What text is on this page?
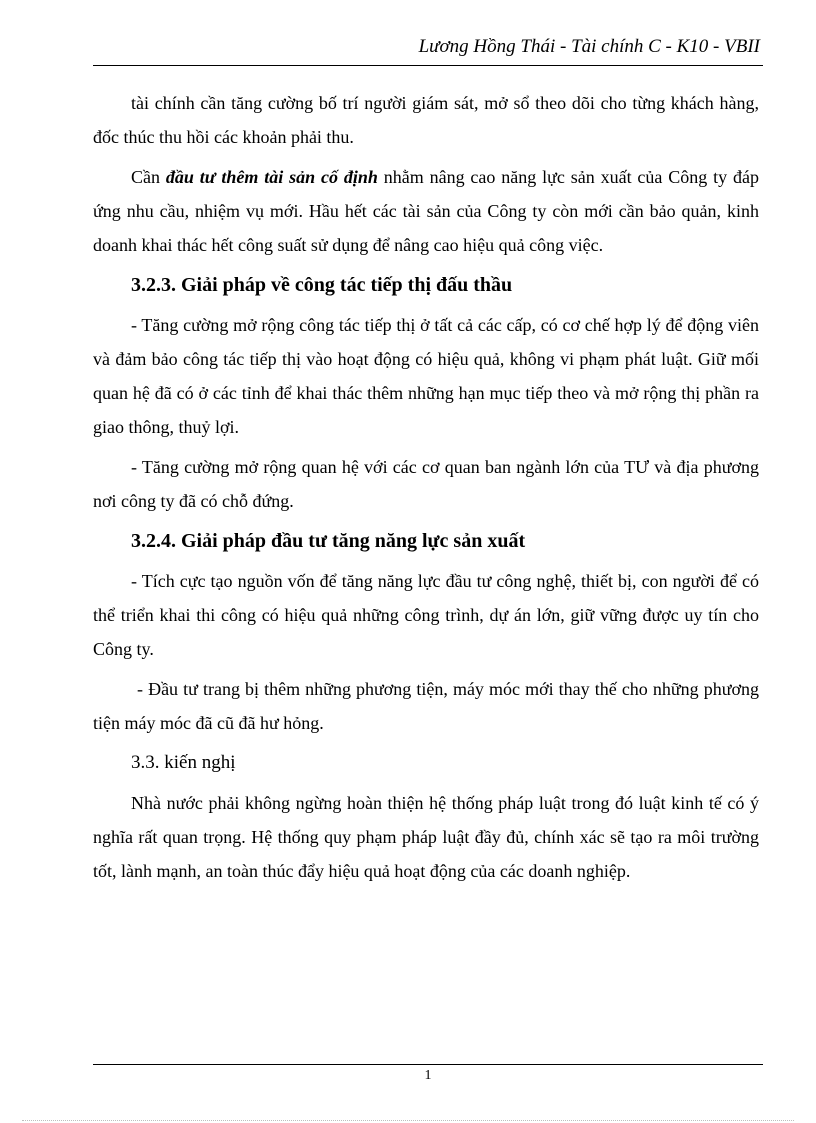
Lương Hồng Thái - Tài chính C - K10 - VBII

tài chính cần tăng cường bố trí người giám sát, mở sổ theo dõi cho từng khách hàng, đốc thúc thu hồi các khoản phải thu.

Cần đầu tư thêm tài sản cố định nhằm nâng cao năng lực sản xuất của Công ty đáp ứng nhu cầu, nhiệm vụ mới. Hầu hết các tài sản của Công ty còn mới cần bảo quản, kinh doanh khai thác hết công suất sử dụng để nâng cao hiệu quả công việc.

3.2.3. Giải pháp về công tác tiếp thị đấu thầu

- Tăng cường mở rộng công tác tiếp thị ở tất cả các cấp, có cơ chế hợp lý để động viên và đảm bảo công tác tiếp thị vào hoạt động có hiệu quả, không vi phạm phát luật. Giữ mối quan hệ đã có ở các tỉnh để khai thác thêm những hạn mục tiếp theo và mở rộng thị phần ra giao thông, thuỷ lợi.

- Tăng cường mở rộng quan hệ với các cơ quan ban ngành lớn của TƯ và địa phương nơi công ty đã có chỗ đứng.

3.2.4. Giải pháp đầu tư tăng năng lực sản xuất

- Tích cực tạo nguồn vốn để tăng năng lực đầu tư công nghệ, thiết bị, con người để có thể triển khai thi công có hiệu quả những công trình, dự án lớn, giữ vững được uy tín cho Công ty.

- Đầu tư trang bị thêm những phương tiện, máy móc mới thay thế cho những phương tiện máy móc đã cũ đã hư hỏng.

3.3. kiến nghị

Nhà nước phải không ngừng hoàn thiện hệ thống pháp luật trong đó luật kinh tế có ý nghĩa rất quan trọng. Hệ thống quy phạm pháp luật đầy đủ, chính xác sẽ tạo ra môi trường tốt, lành mạnh, an toàn thúc đẩy hiệu quả hoạt động của các doanh nghiệp.

1
